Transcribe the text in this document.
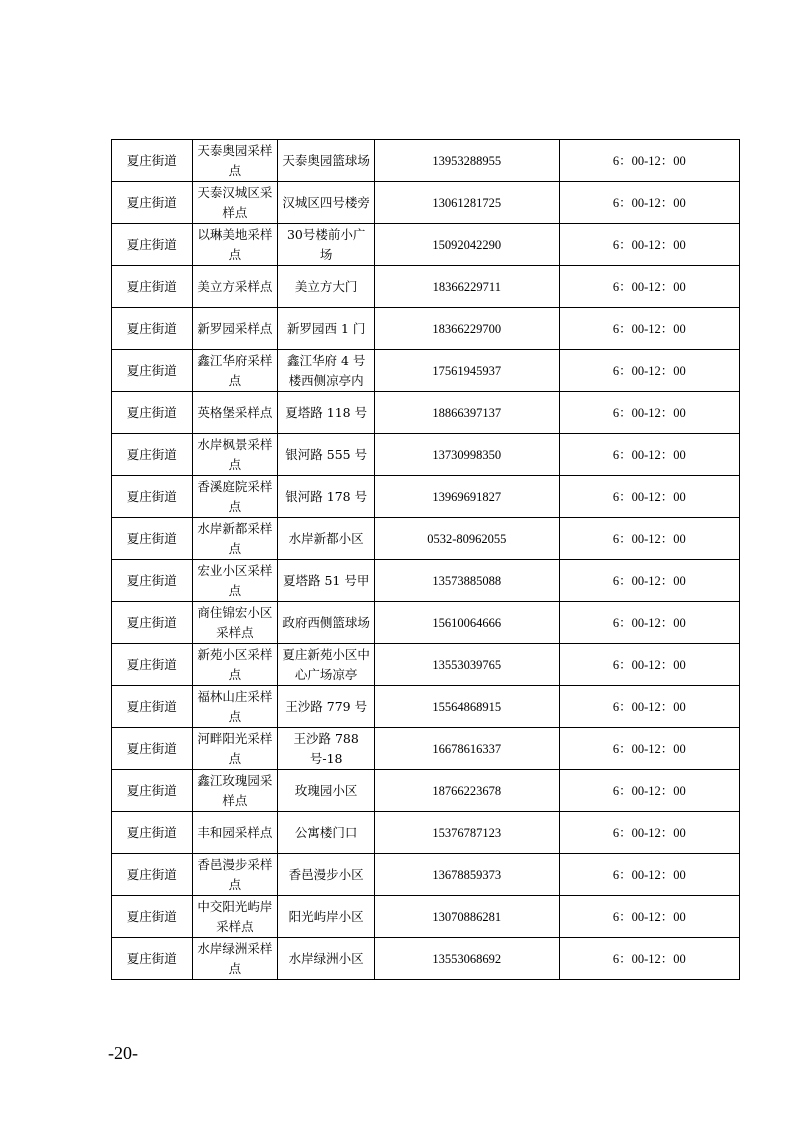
夏庄街道	天泰奥园采样点	天泰奥园篮球场	13953288955	6：00-12：00
夏庄街道	天泰汉城区采样点	汉城区四号楼旁	13061281725	6：00-12：00
夏庄街道	以琳美地采样点	30号楼前小广场	15092042290	6：00-12：00
夏庄街道	美立方采样点	美立方大门	18366229711	6：00-12：00
夏庄街道	新罗园采样点	新罗园西 1 门	18366229700	6：00-12：00
夏庄街道	鑫江华府采样点	鑫江华府 4 号楼西侧凉亭内	17561945937	6：00-12：00
夏庄街道	英格堡采样点	夏塔路 118 号	18866397137	6：00-12：00
夏庄街道	水岸枫景采样点	银河路 555 号	13730998350	6：00-12：00
夏庄街道	香溪庭院采样点	银河路 178 号	13969691827	6：00-12：00
夏庄街道	水岸新都采样点	水岸新都小区	0532-80962055	6：00-12：00
夏庄街道	宏业小区采样点	夏塔路 51 号甲	13573885088	6：00-12：00
夏庄街道	商住锦宏小区采样点	政府西侧篮球场	15610064666	6：00-12：00
夏庄街道	新苑小区采样点	夏庄新苑小区中心广场凉亭	13553039765	6：00-12：00
夏庄街道	福林山庄采样点	王沙路 779 号	15564868915	6：00-12：00
夏庄街道	河畔阳光采样点	王沙路 788 号-18	16678616337	6：00-12：00
夏庄街道	鑫江玫瑰园采样点	玫瑰园小区	18766223678	6：00-12：00
夏庄街道	丰和园采样点	公寓楼门口	15376787123	6：00-12：00
夏庄街道	香邑漫步采样点	香邑漫步小区	13678859373	6：00-12：00
夏庄街道	中交阳光屿岸采样点	阳光屿岸小区	13070886281	6：00-12：00
夏庄街道	水岸绿洲采样点	水岸绿洲小区	13553068692	6：00-12：00
-20-
